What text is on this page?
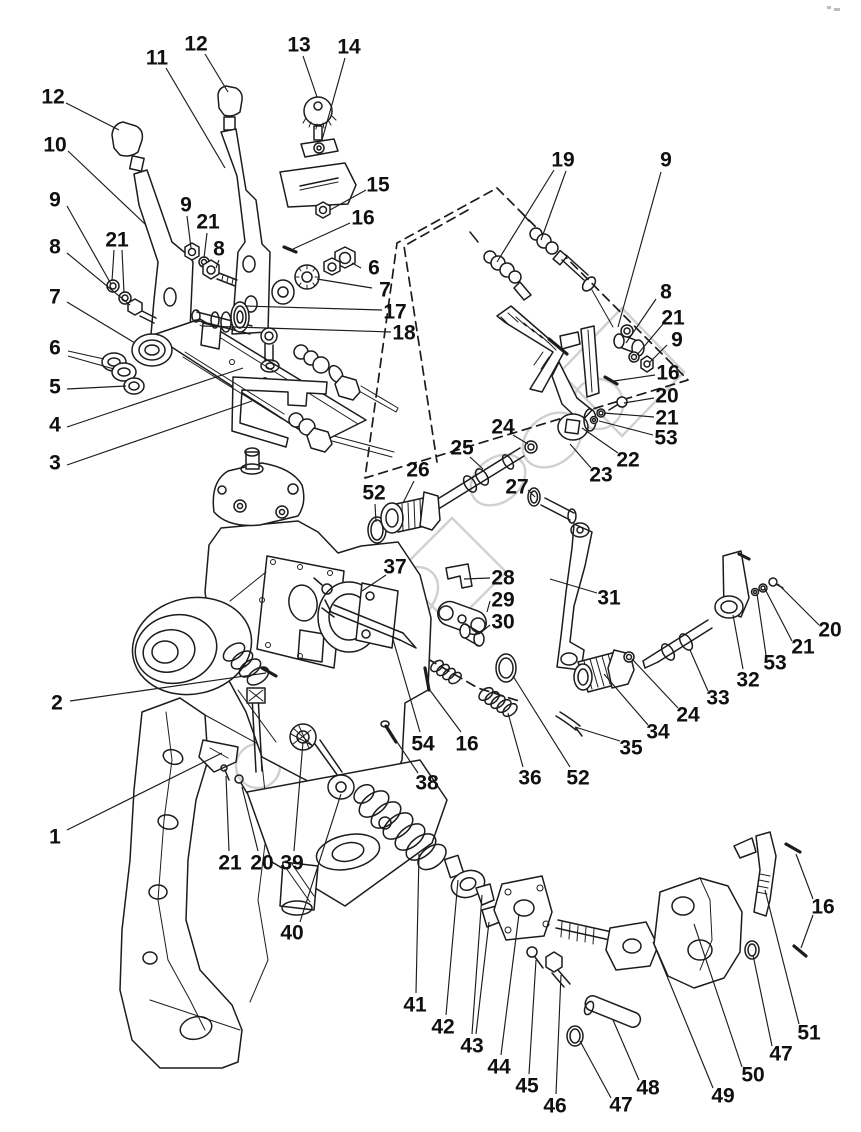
12
11
13 14
12
10
9
8 21
7
6
5
4
3
9
21
8
15
16
6
7
17
18
19	9
8
21
9
16
20
21
53
22
23
24
25
26
52	27
37	28
29
30
31
20
21
53
32
33
24
34
35
54 16
38	36 52
2
1
21 20 39
40
41
42
43
44
45
46 47
48 49
50
47
51
16
